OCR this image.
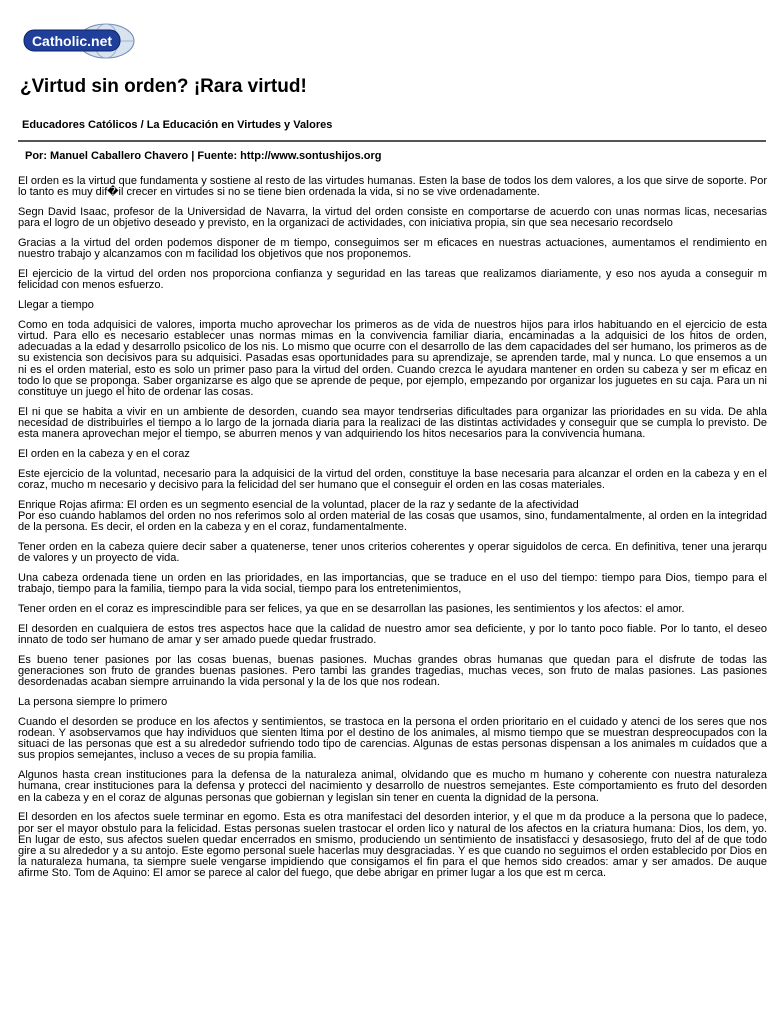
Catholic.net
¿Virtud sin orden? ¡Rara virtud!
Educadores Católicos / La Educación en Virtudes y Valores
Por: Manuel Caballero Chavero | Fuente: http://www.sontushijos.org

El orden es la virtud que fundamenta y sostiene al resto de las virtudes humanas. Esten la base de todos los dem valores, a los que sirve de soporte. Por lo tanto es muy dif�il crecer en virtudes si no se tiene bien ordenada la vida, si no se vive ordenadamente.

Segn David Isaac, profesor de la Universidad de Navarra, la virtud del orden consiste en comportarse de acuerdo con unas normas licas, necesarias para el logro de un objetivo deseado y previsto, en la organizaci de actividades, con iniciativa propia, sin que sea necesario recordselo

Gracias a la virtud del orden podemos disponer de m tiempo, conseguimos ser m eficaces en nuestras actuaciones, aumentamos el rendimiento en nuestro trabajo y alcanzamos con m facilidad los objetivos que nos proponemos.

El ejercicio de la virtud del orden nos proporciona confianza y seguridad en las tareas que realizamos diariamente, y eso nos ayuda a conseguir m felicidad con menos esfuerzo.

Llegar a tiempo

Como en toda adquisici de valores, importa mucho aprovechar los primeros as de vida de nuestros hijos para irlos habituando en el ejercicio de esta virtud. Para ello es necesario establecer unas normas mimas en la convivencia familiar diaria, encaminadas a la adquisici de los hitos de orden, adecuadas a la edad y desarrollo psicolico de los nis. Lo mismo que ocurre con el desarrollo de las dem capacidades del ser humano, los primeros as de su existencia son decisivos para su adquisici. Pasadas esas oportunidades para su aprendizaje, se aprenden tarde, mal y nunca. Lo que ensemos a un ni es el orden material, esto es solo un primer paso para la virtud del orden. Cuando crezca le ayudara mantener en orden su cabeza y ser m eficaz en todo lo que se proponga. Saber organizarse es algo que se aprende de peque, por ejemplo, empezando por organizar los juguetes en su caja. Para un ni constituye un juego el hito de ordenar las cosas.

El ni que se habita a vivir en un ambiente de desorden, cuando sea mayor tendrserias dificultades para organizar las prioridades en su vida. De ahla necesidad de distribuirles el tiempo a lo largo de la jornada diaria para la realizaci de las distintas actividades y conseguir que se cumpla lo previsto. De esta manera aprovechan mejor el tiempo, se aburren menos y van adquiriendo los hitos necesarios para la convivencia humana.

El orden en la cabeza y en el coraz

Este ejercicio de la voluntad, necesario para la adquisici de la virtud del orden, constituye la base necesaria para alcanzar el orden en la cabeza y en el coraz, mucho m necesario y decisivo para la felicidad del ser humano que el conseguir el orden en las cosas materiales.

Enrique Rojas afirma: El orden es un segmento esencial de la voluntad, placer de la raz y sedante de la afectividad
Por eso cuando hablamos del orden no nos referimos solo al orden material de las cosas que usamos, sino, fundamentalmente, al orden en la integridad de la persona. Es decir, el orden en la cabeza y en el coraz, fundamentalmente.

Tener orden en la cabeza quiere decir saber a quatenerse, tener unos criterios coherentes y operar siguidolos de cerca. En definitiva, tener una jerarqu de valores y un proyecto de vida.

Una cabeza ordenada tiene un orden en las prioridades, en las importancias, que se traduce en el uso del tiempo: tiempo para Dios, tiempo para el trabajo, tiempo para la familia, tiempo para la vida social, tiempo para los entretenimientos,

Tener orden en el coraz es imprescindible para ser felices, ya que en se desarrollan las pasiones, les sentimientos y los afectos: el amor.

El desorden en cualquiera de estos tres aspectos hace que la calidad de nuestro amor sea deficiente, y por lo tanto poco fiable. Por lo tanto, el deseo innato de todo ser humano de amar y ser amado puede quedar frustrado.

Es bueno tener pasiones por las cosas buenas, buenas pasiones. Muchas grandes obras humanas que quedan para el disfrute de todas las generaciones son fruto de grandes buenas pasiones. Pero tambi las grandes tragedias, muchas veces, son fruto de malas pasiones. Las pasiones desordenadas acaban siempre arruinando la vida personal y la de los que nos rodean.

La persona siempre lo primero

Cuando el desorden se produce en los afectos y sentimientos, se trastoca en la persona el orden prioritario en el cuidado y atenci de los seres que nos rodean. Y asobservamos que hay individuos que sienten ltima por el destino de los animales, al mismo tiempo que se muestran despreocupados con la situaci de las personas que est a su alrededor sufriendo todo tipo de carencias. Algunas de estas personas dispensan a los animales m cuidados que a sus propios semejantes, incluso a veces de su propia familia.

Algunos hasta crean instituciones para la defensa de la naturaleza animal, olvidando que es mucho m humano y coherente con nuestra naturaleza humana, crear instituciones para la defensa y protecci del nacimiento y desarrollo de nuestros semejantes. Este comportamiento es fruto del desorden en la cabeza y en el coraz de algunas personas que gobiernan y legislan sin tener en cuenta la dignidad de la persona.

El desorden en los afectos suele terminar en egomo. Esta es otra manifestaci del desorden interior, y el que m da produce a la persona que lo padece, por ser el mayor obstulo para la felicidad. Estas personas suelen trastocar el orden lico y natural de los afectos en la criatura humana: Dios, los dem, yo. En lugar de esto, sus afectos suelen quedar encerrados en smismo, produciendo un sentimiento de insatisfacci y desasosiego, fruto del af de que todo gire a su alrededor y a su antojo. Este egomo personal suele hacerlas muy desgraciadas. Y es que cuando no seguimos el orden establecido por Dios en la naturaleza humana, ta siempre suele vengarse impidiendo que consigamos el fin para el que hemos sido creados: amar y ser amados. De auque afirme Sto. Tom de Aquino: El amor se parece al calor del fuego, que debe abrigar en primer lugar a los que est m cerca.
